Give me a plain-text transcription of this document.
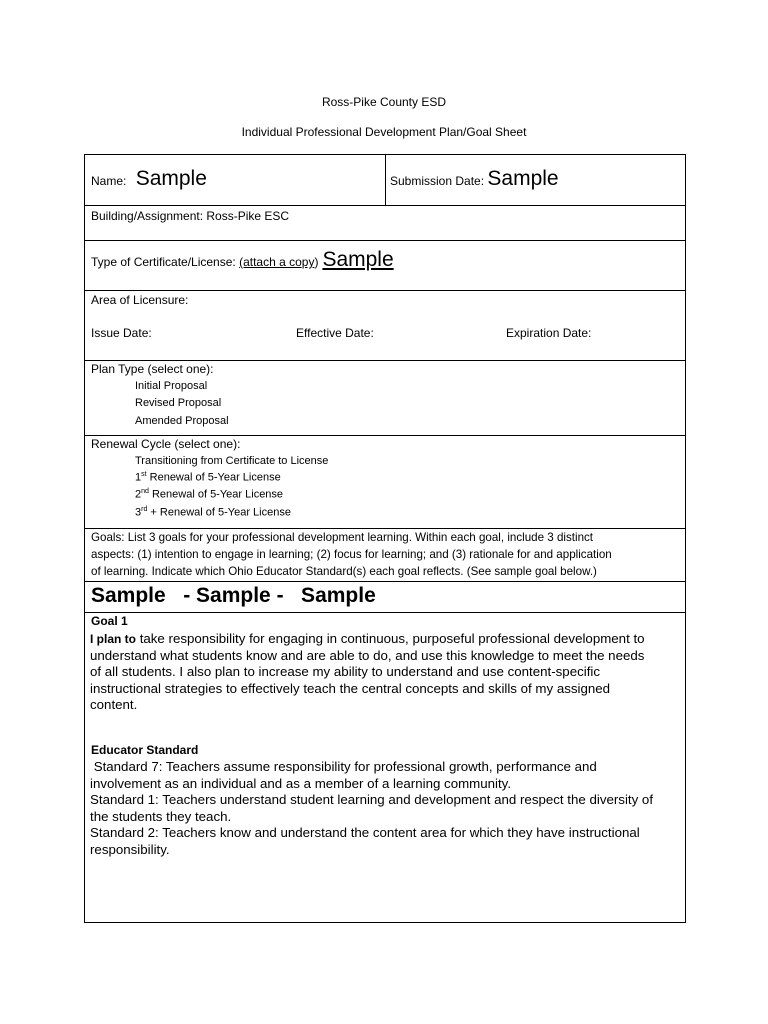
Ross-Pike County ESD
Individual Professional Development Plan/Goal Sheet
Name: Sample	Submission Date: Sample
Building/Assignment: Ross-Pike ESC
Type of Certificate/License: (attach a copy) Sample
Area of Licensure:
Issue Date:	Effective Date:	Expiration Date:
Plan Type (select one):
Initial Proposal
Revised Proposal
Amended Proposal
Renewal Cycle (select one):
Transitioning from Certificate to License
1st Renewal of 5-Year License
2nd Renewal of 5-Year License
3rd + Renewal of 5-Year License
Goals: List 3 goals for your professional development learning. Within each goal, include 3 distinct
aspects: (1) intention to engage in learning; (2) focus for learning; and (3) rationale for and application
of learning. Indicate which Ohio Educator Standard(s) each goal reflects. (See sample goal below.)
Sample   - Sample -   Sample
Goal 1
I plan to take responsibility for engaging in continuous, purposeful professional development to
understand what students know and are able to do, and use this knowledge to meet the needs
of all students. I also plan to increase my ability to understand and use content-specific
instructional strategies to effectively teach the central concepts and skills of my assigned
content.
Educator Standard
Standard 7: Teachers assume responsibility for professional growth, performance and
involvement as an individual and as a member of a learning community.
Standard 1: Teachers understand student learning and development and respect the diversity of
the students they teach.
Standard 2: Teachers know and understand the content area for which they have instructional
responsibility.
